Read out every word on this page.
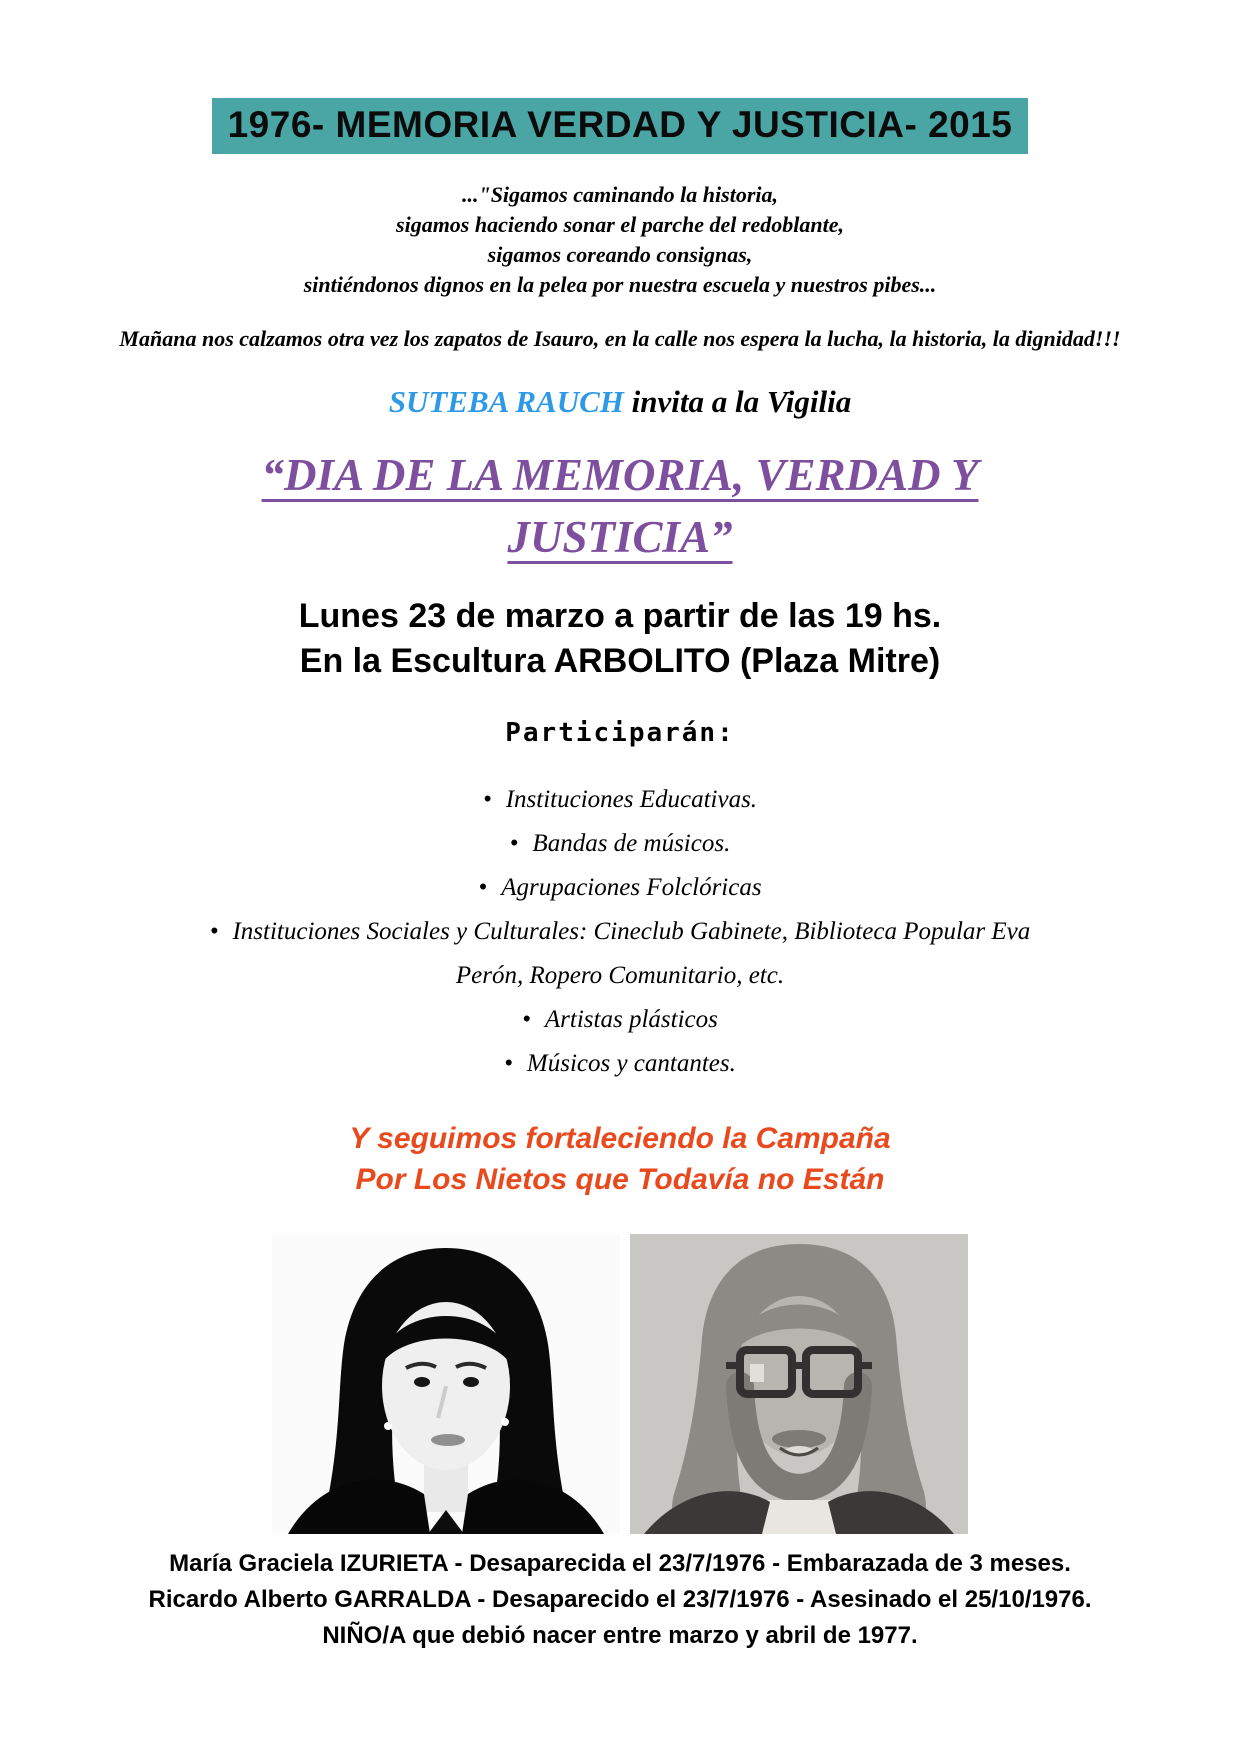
1976- MEMORIA VERDAD Y JUSTICIA- 2015
..."Sigamos caminando la historia,
sigamos haciendo sonar el parche del redoblante,
sigamos coreando consignas,
sintiéndonos dignos en la pelea por nuestra escuela y nuestros pibes...
Mañana nos calzamos otra vez los zapatos de Isauro, en la calle nos espera la lucha, la historia, la dignidad!!!
SUTEBA RAUCH invita a la Vigilia
“DIA DE LA MEMORIA, VERDAD Y
JUSTICIA”
Lunes 23 de marzo a partir de las 19 hs.
En la Escultura ARBOLITO (Plaza Mitre)
Participarán:
• Instituciones Educativas.
• Bandas de músicos.
• Agrupaciones Folclóricas
• Instituciones Sociales y Culturales: Cineclub Gabinete, Biblioteca Popular Eva Perón, Ropero Comunitario, etc.
• Artistas plásticos
• Músicos y cantantes.
Y seguimos fortaleciendo la Campaña
Por Los Nietos que Todavía no Están
María Graciela IZURIETA - Desaparecida el 23/7/1976 - Embarazada de 3 meses.
Ricardo Alberto GARRALDA - Desaparecido el 23/7/1976 - Asesinado el 25/10/1976.
NIÑO/A que debió nacer entre marzo y abril de 1977.
